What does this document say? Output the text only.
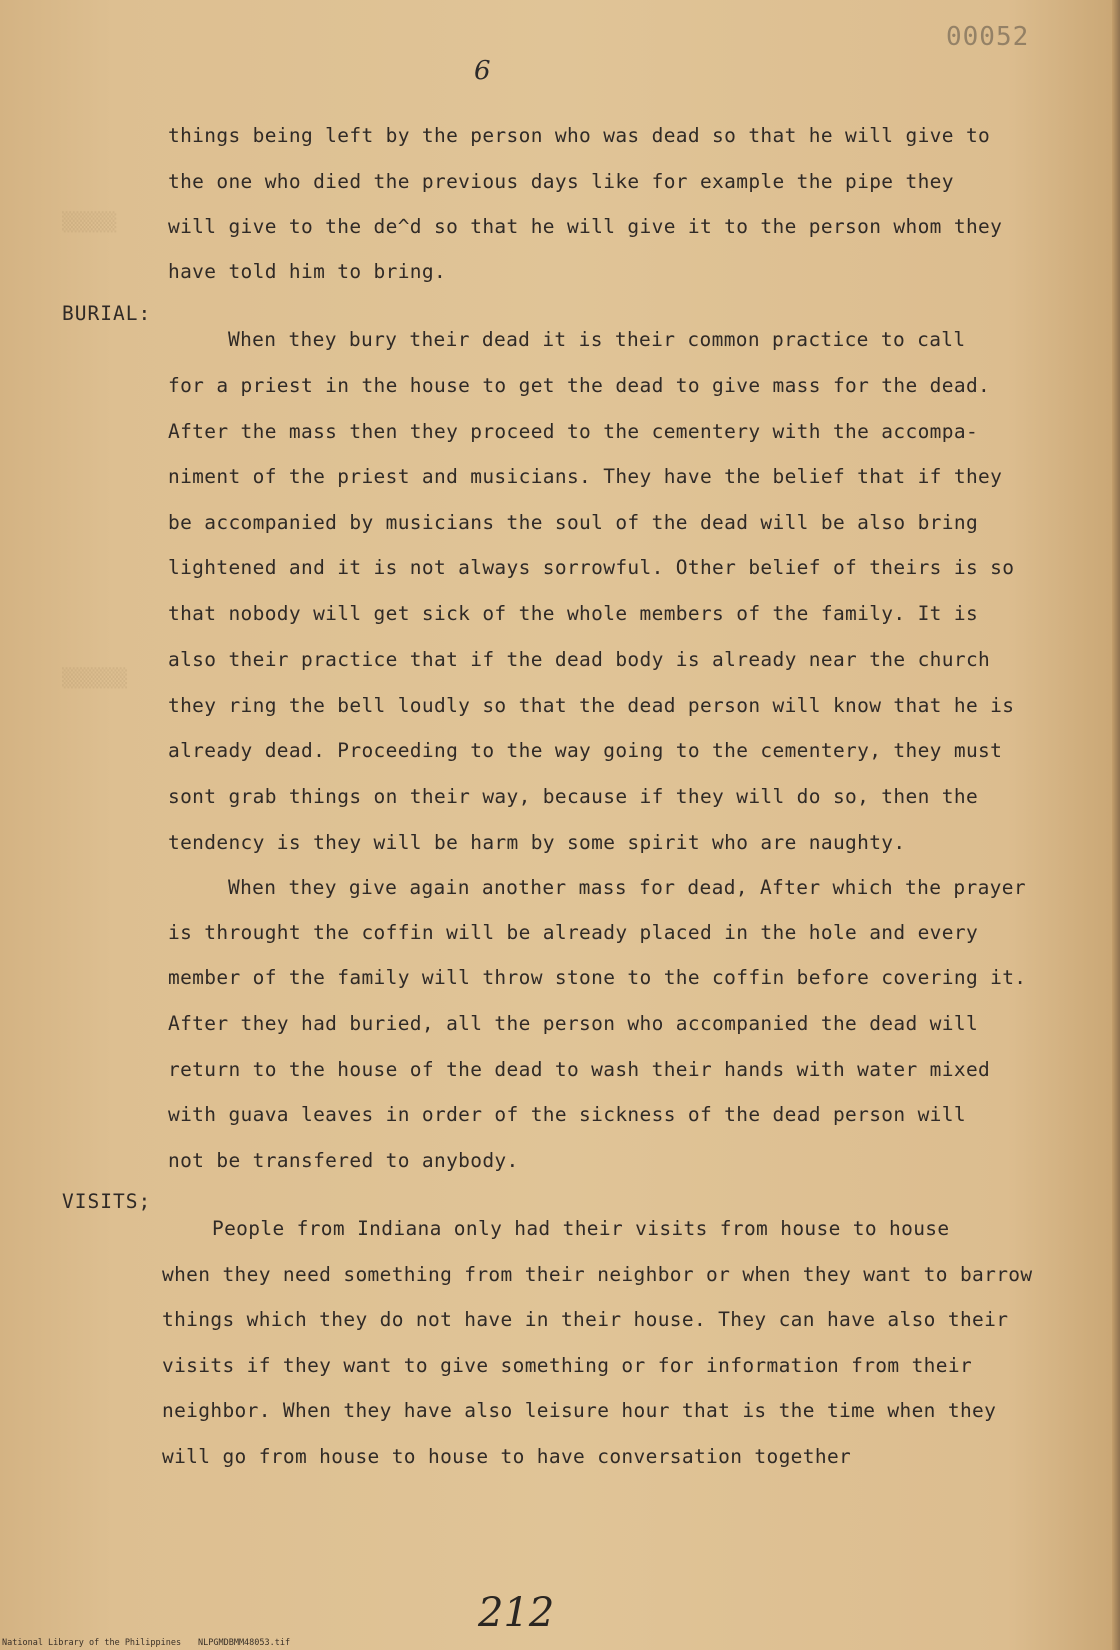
▒▒▒▒▒
▒▒▒▒▒▒
00052
6
things being left by the person who was dead so that he will give to
the one who died the previous days like for example the pipe they
will give to the de^d so that he will give it to the person whom they
have told him to bring.
BURIAL:
When they bury their dead it is their common practice to call
for a priest in the house to get the dead to give mass for the dead.
After the mass then they proceed to the cementery with the accompa-
niment of the priest and musicians. They have the belief that if they
be accompanied by musicians the soul of the dead will be also bring
lightened and it is not always sorrowful. Other belief of theirs is so
that nobody will get sick of the whole members of the family. It is
also their practice that if the dead body is already near the church
they ring the bell loudly so that the dead person will know that he is
already dead. Proceeding to the way going to the cementery, they must
sont grab things on their way, because if they will do so, then the
tendency is they will be harm by some spirit who are naughty.
When they give again another mass for dead, After which the prayer
is throught the coffin will be already placed in the hole and every
member of the family will throw stone to the coffin before covering it.
After they had buried, all the person who accompanied the dead will
return to the house of the dead to wash their hands with water mixed
with guava leaves in order of the sickness of the dead person will
not be transfered to anybody.
VISITS;
People from Indiana only had their visits from house to house
when they need something from their neighbor or when they want to barrow
things which they do not have in their house. They can have also their
visits if they want to give something or for information from their
neighbor. When they have also leisure hour that is the time when they
will go from house to house to have conversation together
212
National Library of the Philippines NLPGMDBMM48053.tif
